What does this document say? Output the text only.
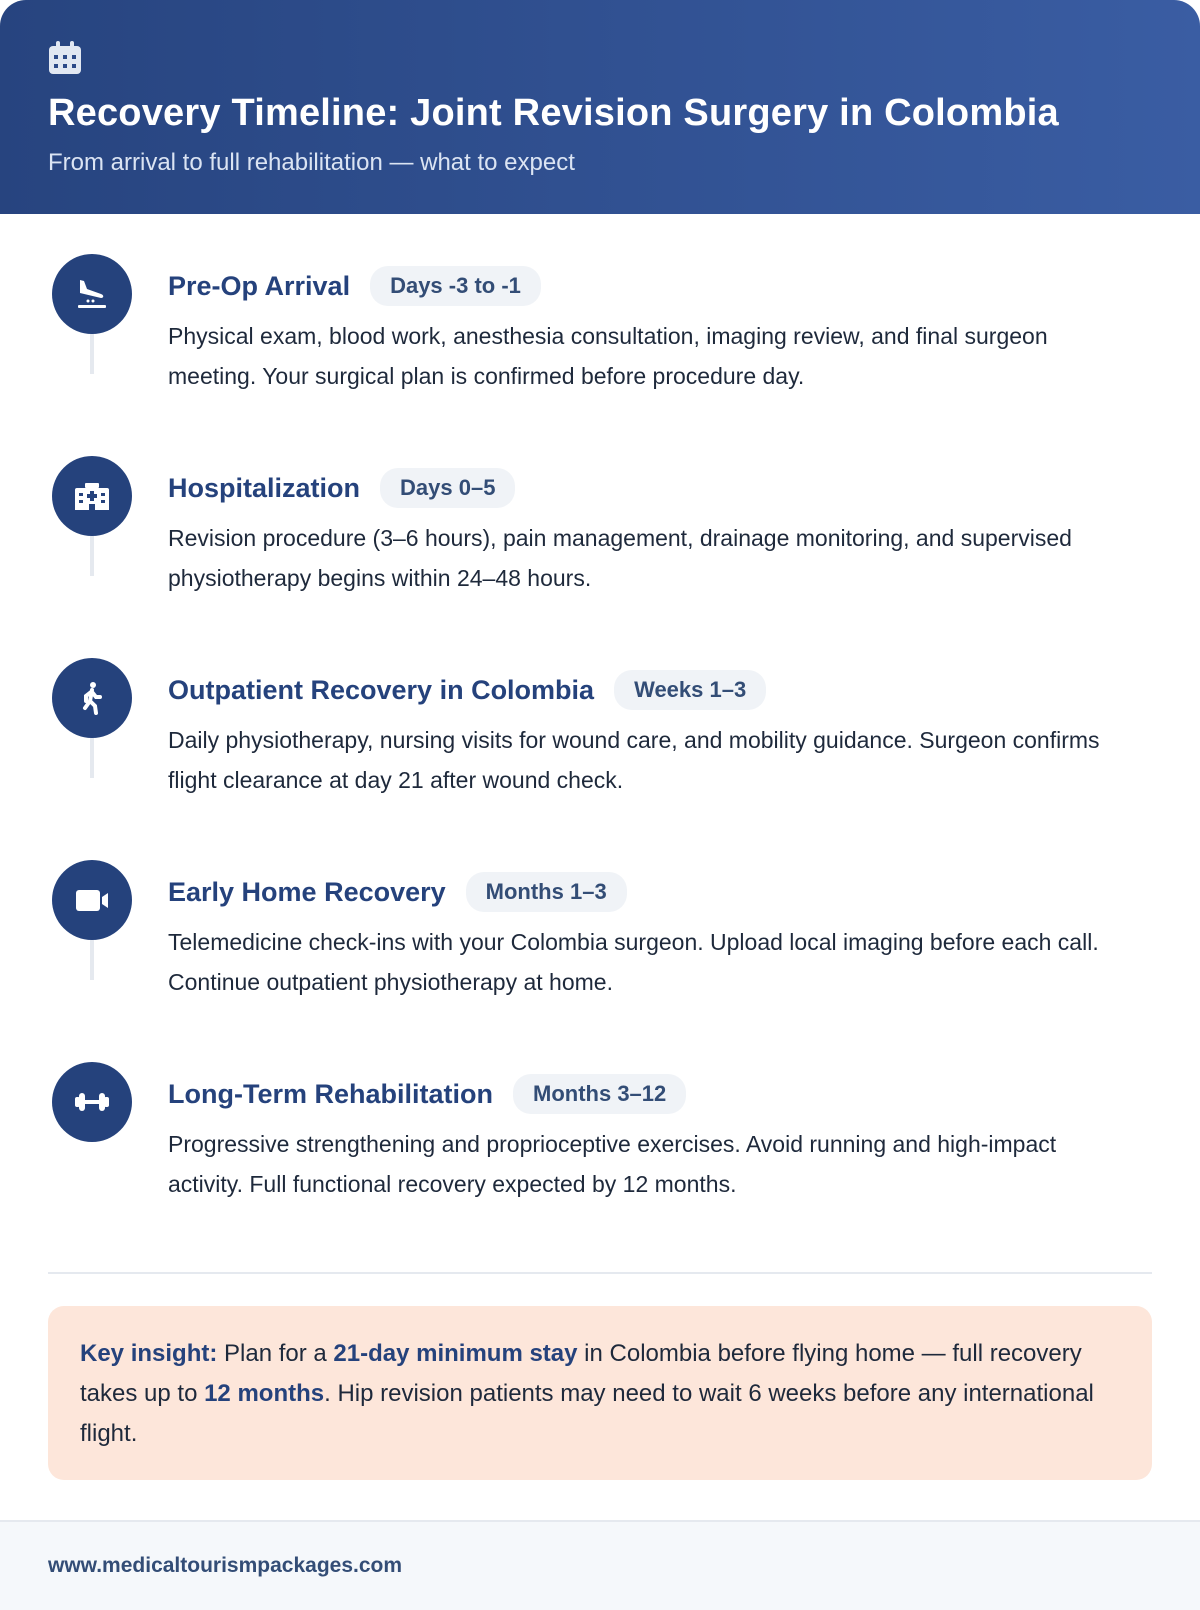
Recovery Timeline: Joint Revision Surgery in Colombia
From arrival to full rehabilitation — what to expect
Pre-Op Arrival	Days -3 to -1

Physical exam, blood work, anesthesia consultation, imaging review, and final surgeon meeting. Your surgical plan is confirmed before procedure day.

Hospitalization	Days 0–5

Revision procedure (3–6 hours), pain management, drainage monitoring, and supervised physiotherapy begins within 24–48 hours.

Outpatient Recovery in Colombia	Weeks 1–3

Daily physiotherapy, nursing visits for wound care, and mobility guidance. Surgeon confirms flight clearance at day 21 after wound check.

Early Home Recovery	Months 1–3

Telemedicine check-ins with your Colombia surgeon. Upload local imaging before each call. Continue outpatient physiotherapy at home.

Long-Term Rehabilitation	Months 3–12

Progressive strengthening and proprioceptive exercises. Avoid running and high-impact activity. Full functional recovery expected by 12 months.

Key insight: Plan for a 21-day minimum stay in Colombia before flying home — full recovery takes up to 12 months. Hip revision patients may need to wait 6 weeks before any international flight.
www.medicaltourismpackages.com
